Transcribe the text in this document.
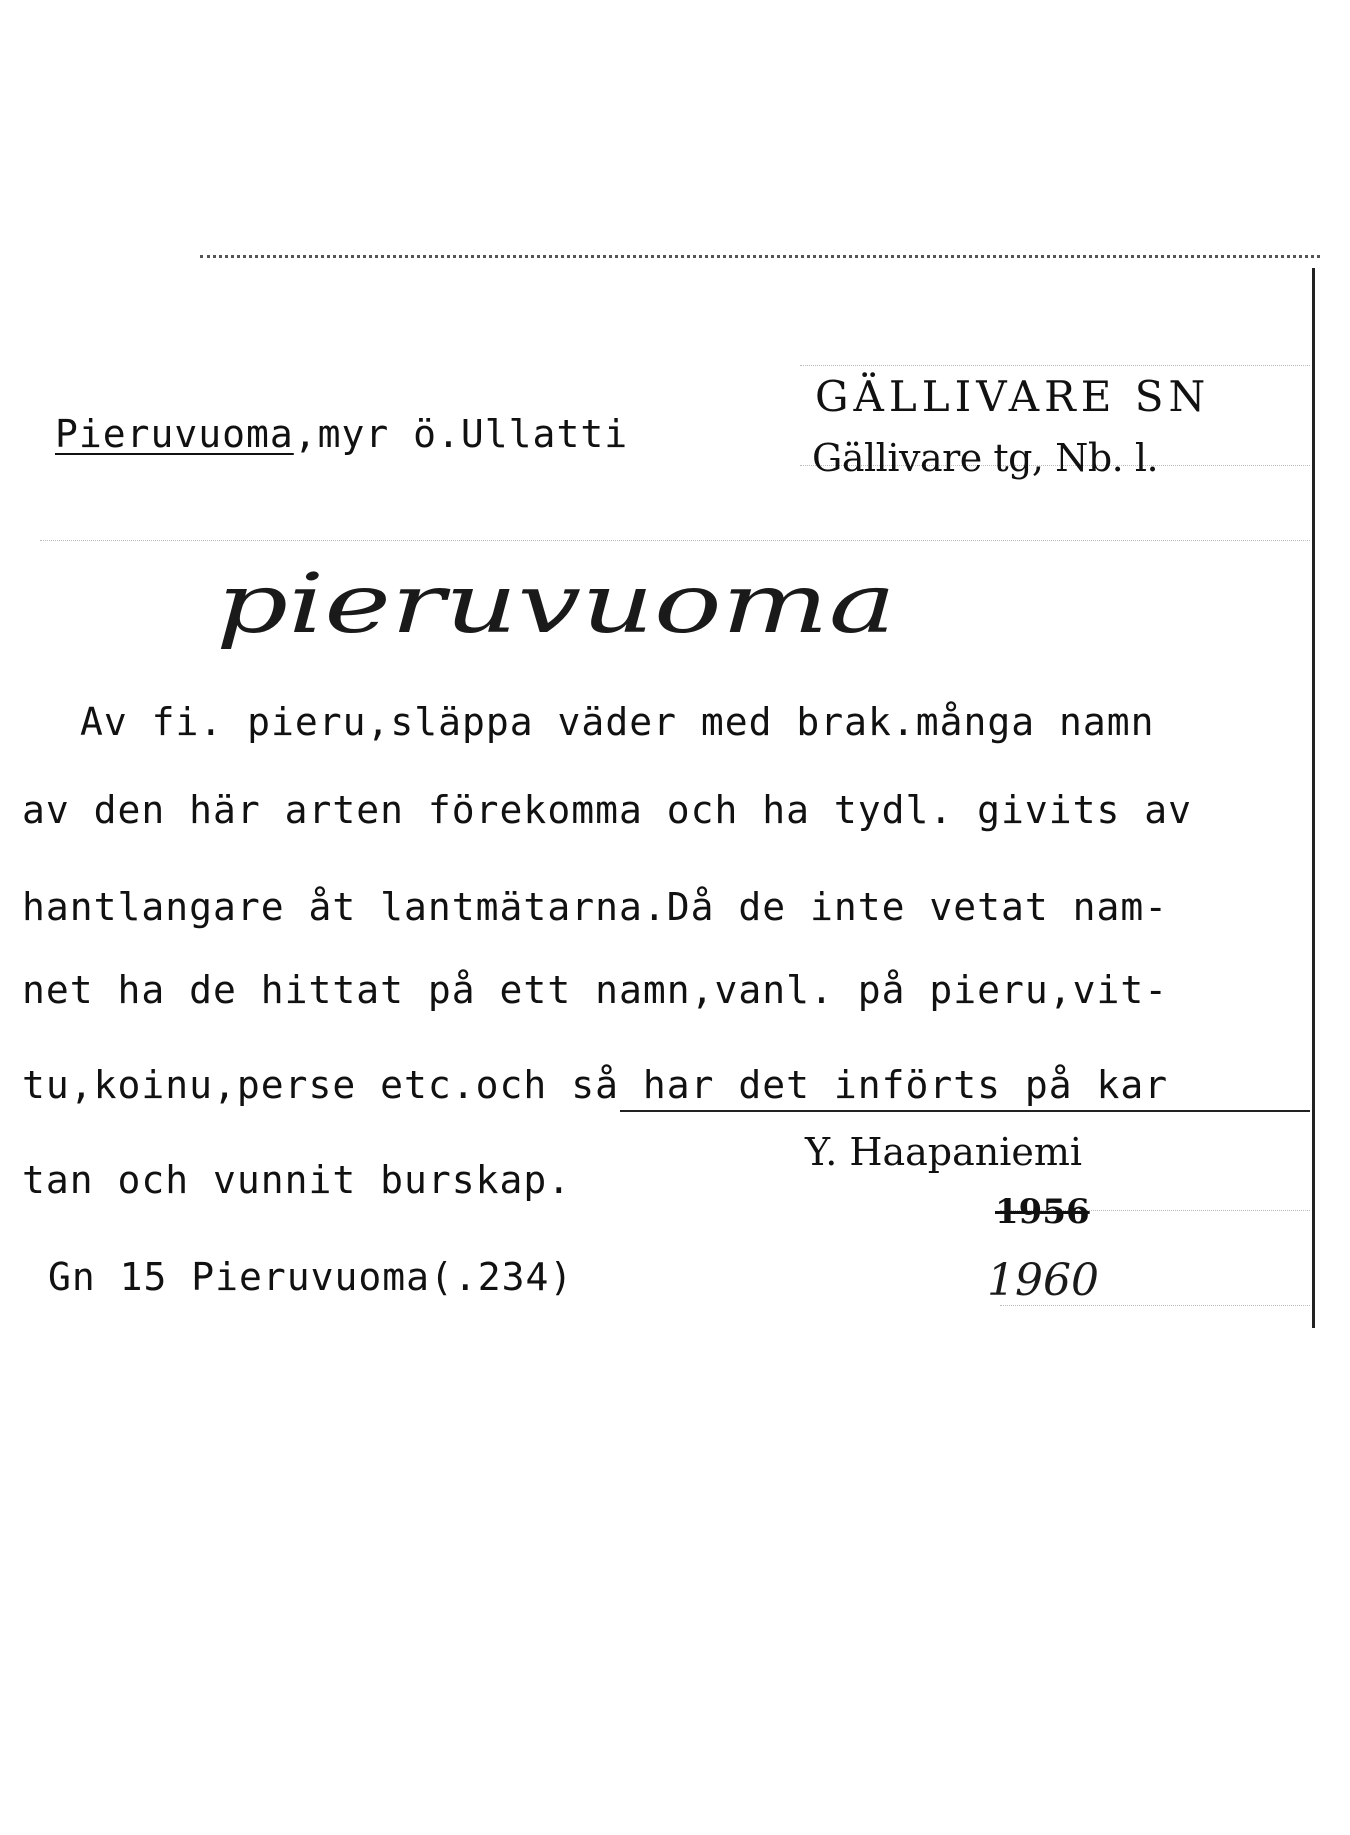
Pieruvuoma,myr ö.Ullatti
GÄLLIVARE SN
Gällivare tg, Nb. l.
pieruvuoma
Av fi. pieru,släppa väder med brak.många namn
av den här arten förekomma och ha tydl. givits av
hantlangare åt lantmätarna.Då de inte vetat nam-
net ha de hittat på ett namn,vanl. på pieru,vit-
tu,koinu,perse etc.och så har det införts på kar
tan och vunnit burskap.
Y. Haapaniemi
1956
1960
Gn 15 Pieruvuoma(.234)
